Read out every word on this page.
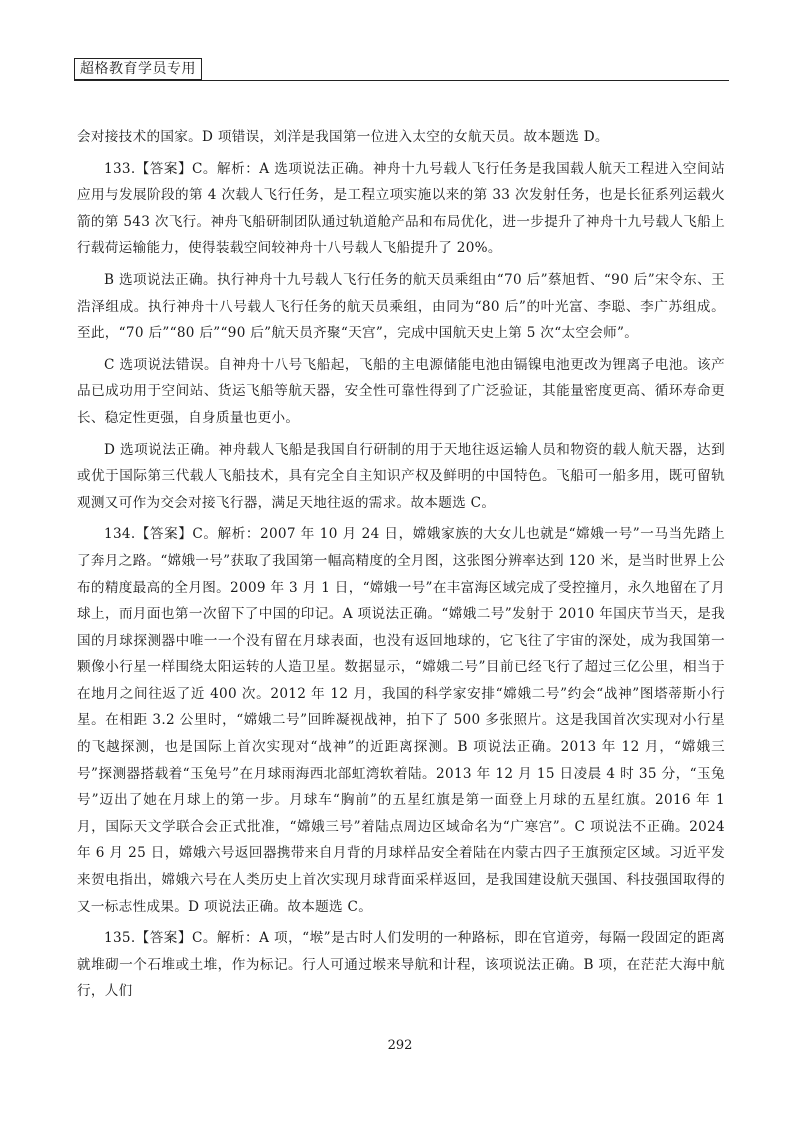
超格教育学员专用

会对接技术的国家。D 项错误，刘洋是我国第一位进入太空的女航天员。故本题选 D。

133.【答案】C。解析：A 选项说法正确。神舟十九号载人飞行任务是我国载人航天工程进入空间站应用与发展阶段的第 4 次载人飞行任务，是工程立项实施以来的第 33 次发射任务，也是长征系列运载火箭的第 543 次飞行。神舟飞船研制团队通过轨道舱产品和布局优化，进一步提升了神舟十九号载人飞船上行载荷运输能力，使得装载空间较神舟十八号载人飞船提升了 20%。

B 选项说法正确。执行神舟十九号载人飞行任务的航天员乘组由“70 后”蔡旭哲、“90 后”宋令东、王浩泽组成。执行神舟十八号载人飞行任务的航天员乘组，由同为“80 后”的叶光富、李聪、李广苏组成。至此，“70 后”“80 后”“90 后”航天员齐聚“天宫”，完成中国航天史上第 5 次“太空会师”。

C 选项说法错误。自神舟十八号飞船起，飞船的主电源储能电池由镉镍电池更改为锂离子电池。该产品已成功用于空间站、货运飞船等航天器，安全性可靠性得到了广泛验证，其能量密度更高、循环寿命更长、稳定性更强，自身质量也更小。

D 选项说法正确。神舟载人飞船是我国自行研制的用于天地往返运输人员和物资的载人航天器，达到或优于国际第三代载人飞船技术，具有完全自主知识产权及鲜明的中国特色。飞船可一船多用，既可留轨观测又可作为交会对接飞行器，满足天地往返的需求。故本题选 C。

134.【答案】C。解析：2007 年 10 月 24 日，嫦娥家族的大女儿也就是“嫦娥一号”一马当先踏上了奔月之路。“嫦娥一号”获取了我国第一幅高精度的全月图，这张图分辨率达到 120 米，是当时世界上公布的精度最高的全月图。2009 年 3 月 1 日，“嫦娥一号”在丰富海区域完成了受控撞月，永久地留在了月球上，而月面也第一次留下了中国的印记。A 项说法正确。“嫦娥二号”发射于 2010 年国庆节当天，是我国的月球探测器中唯一一个没有留在月球表面，也没有返回地球的，它飞往了宇宙的深处，成为我国第一颗像小行星一样围绕太阳运转的人造卫星。数据显示，“嫦娥二号”目前已经飞行了超过三亿公里，相当于在地月之间往返了近 400 次。2012 年 12 月，我国的科学家安排“嫦娥二号”约会“战神”图塔蒂斯小行星。在相距 3.2 公里时，“嫦娥二号”回眸凝视战神，拍下了 500 多张照片。这是我国首次实现对小行星的飞越探测，也是国际上首次实现对“战神”的近距离探测。B 项说法正确。2013 年 12 月，“嫦娥三号”探测器搭载着“玉兔号”在月球雨海西北部虹湾软着陆。2013 年 12 月 15 日凌晨 4 时 35 分，“玉兔号”迈出了她在月球上的第一步。月球车“胸前”的五星红旗是第一面登上月球的五星红旗。2016 年 1 月，国际天文学联合会正式批准，“嫦娥三号”着陆点周边区域命名为“广寒宫”。C 项说法不正确。2024 年 6 月 25 日，嫦娥六号返回器携带来自月背的月球样品安全着陆在内蒙古四子王旗预定区域。习近平发来贺电指出，嫦娥六号在人类历史上首次实现月球背面采样返回，是我国建设航天强国、科技强国取得的又一标志性成果。D 项说法正确。故本题选 C。

135.【答案】C。解析：A 项，“堠”是古时人们发明的一种路标，即在官道旁，每隔一段固定的距离就堆砌一个石堆或土堆，作为标记。行人可通过堠来导航和计程，该项说法正确。B 项，在茫茫大海中航行，人们

292
